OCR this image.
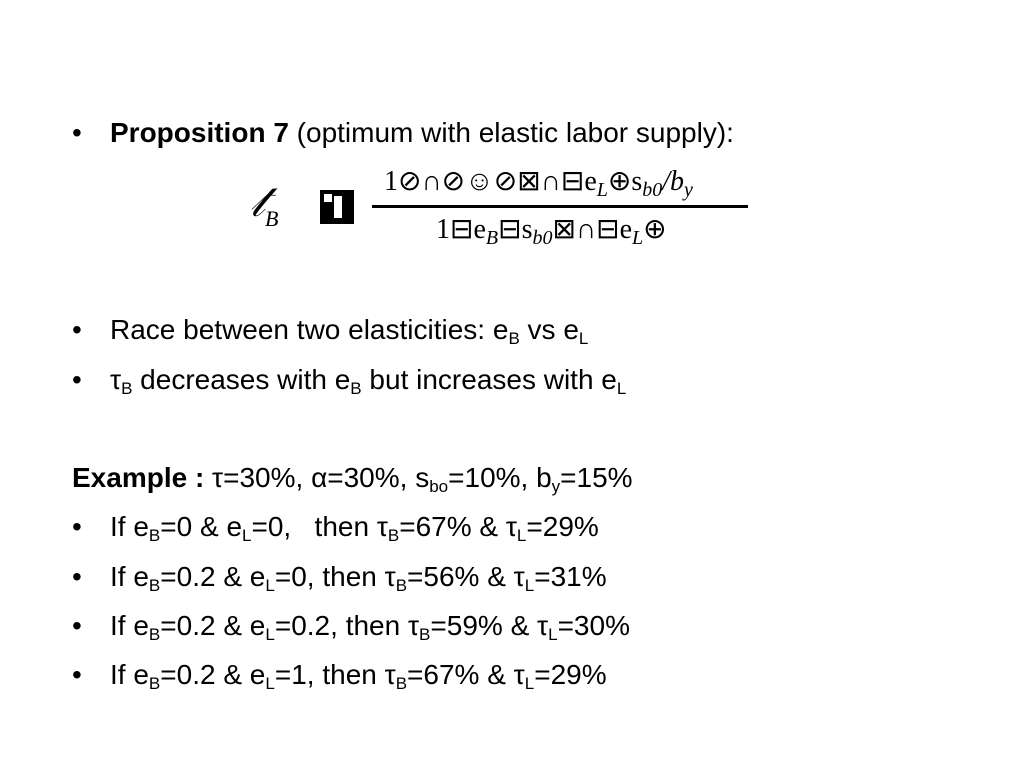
•	Proposition 7 (optimum with elastic labor supply):
𝓉$_B$
$1⊘\cap⊘☺⊘⊠\cap⊟e_L\oplus s_{b0}/b_y$
$1⊟e_B⊟s_{b0}⊠\cap⊟e_L\oplus$
•	Race between two elasticities: $e_B$ vs $e_L$
•	$\tau_B$ decreases with $e_B$ but increases with $e_L$
Example : τ=30%, α=30%, $s_{bo}=10\%$, $b_y=15\%$
•	If $e_B=0$ & $e_L=0$,   then $\tau_B=67\%$ & $\tau_L=29\%$
•	If $e_B=0.2$ & $e_L=0$, then $\tau_B=56\%$ & $\tau_L=31\%$
•	If $e_B=0.2$ & $e_L=0.2$, then $\tau_B=59\%$ & $\tau_L=30\%$
•	If $e_B=0.2$ & $e_L=1$, then $\tau_B=67\%$ & $\tau_L=29\%$
